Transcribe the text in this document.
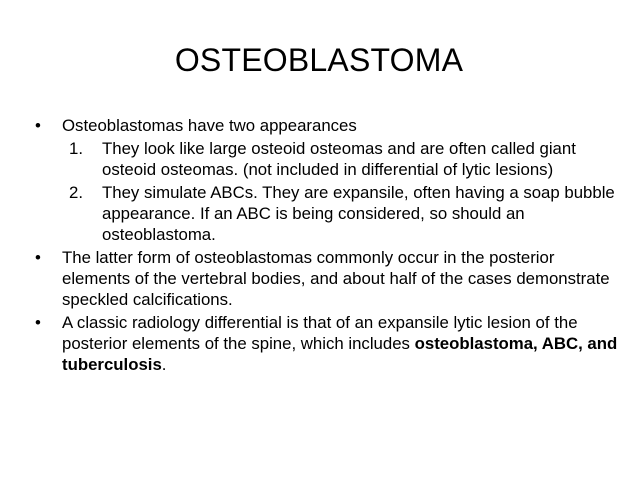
OSTEOBLASTOMA
• Osteoblastomas have two appearances
1. They look like large osteoid osteomas and are often called giant osteoid osteomas. (not included in differential of lytic lesions)
2. They simulate ABCs. They are expansile, often having a soap bubble appearance. If an ABC is being considered, so should an osteoblastoma.
• The latter form of osteoblastomas commonly occur in the posterior elements of the vertebral bodies, and about half of the cases demonstrate speckled calcifications.
• A classic radiology differential is that of an expansile lytic lesion of the posterior elements of the spine, which includes osteoblastoma, ABC, and tuberculosis.
